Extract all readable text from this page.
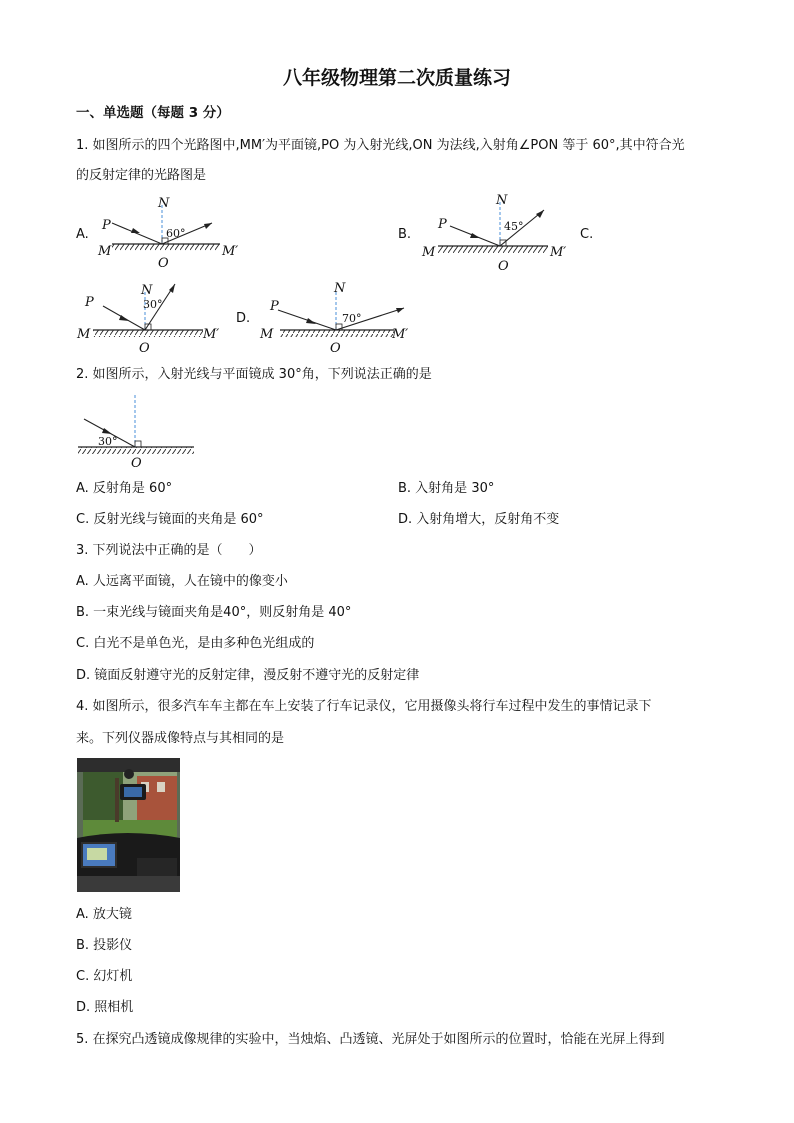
八年级物理第二次质量练习
一、单选题（每题 3 分）
1. 如图所示的四个光路图中,MM′为平面镜,PO 为入射光线,ON 为法线,入射角∠PON 等于 60°,其中符合光
的反射定律的光路图是
A.	B.	C.
D.
P
N
M	M′
O
60°
P
N
M	M′
O
45°
P
N
M	M′
O
30°	P
N
M	M′
O
70°
2. 如图所示，入射光线与平面镜成 30°角，下列说法正确的是
30°
O
A. 反射角是 60°	B. 入射角是 30°
C. 反射光线与镜面的夹角是 60°	D. 入射角增大，反射角不变
3. 下列说法中正确的是（　　）
A. 人远离平面镜，人在镜中的像变小
B. 一束光线与镜面夹角是40°，则反射角是 40°
C. 白光不是单色光，是由多种色光组成的
D. 镜面反射遵守光的反射定律，漫反射不遵守光的反射定律
4. 如图所示，很多汽车车主都在车上安装了行车记录仪，它用摄像头将行车过程中发生的事情记录下
来。下列仪器成像特点与其相同的是
A. 放大镜
B. 投影仪
C. 幻灯机
D. 照相机
5. 在探究凸透镜成像规律的实验中，当烛焰、凸透镜、光屏处于如图所示的位置时，恰能在光屏上得到
